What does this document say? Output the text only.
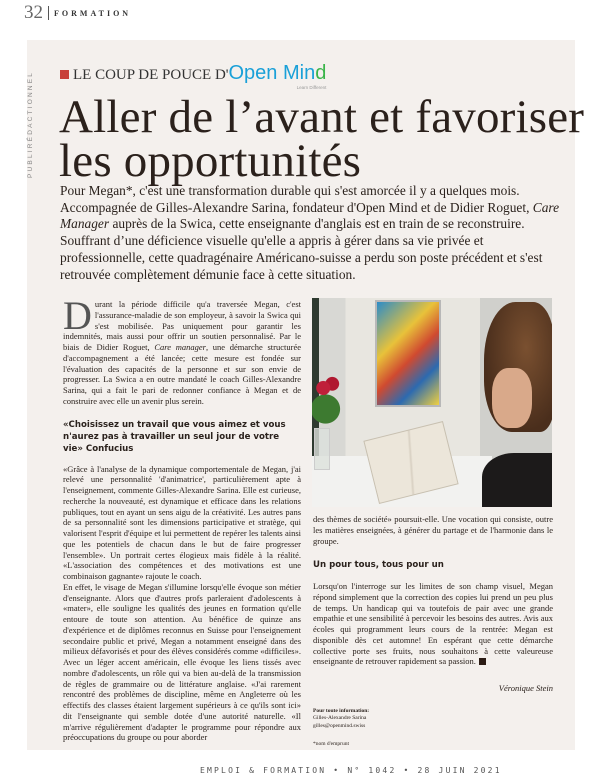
32 FORMATION
PUBLIRÉDACTIONNEL	LE COUP DE POUCE D' Open Mind
Learn Different
Aller de l’avant et favoriser
les opportunités

Pour Megan*, c'est une transformation durable qui s'est amorcée il y a quelques mois. Accompagnée de Gilles-Alexandre Sarina, fondateur d'Open Mind et de Didier Roguet, Care Manager auprès de la Swica, cette enseignante d'anglais est en train de se reconstruire. Souffrant d’une déficience visuelle qu'elle a appris à gérer dans sa vie privée et professionnelle, cette quadragénaire Américano-suisse a perdu son poste précédent et s'est retrouvée complètement démunie face à cette situation.

Durant la période difficile qu'a traversée Megan, c'est l'assurance-maladie de son employeur, à savoir la Swica qui s'est mobilisée. Pas uniquement pour garantir les indemnités, mais aussi pour offrir un soutien personnalisé. Par le biais de Didier Roguet, Care manager, une démarche structurée d'accompagnement a été lancée; cette mesure est fondée sur l'évaluation des capacités de la personne et sur son envie de progresser. La Swica a en outre mandaté le coach Gilles-Alexandre Sarina, qui a fait le pari de redonner confiance à Megan et de construire avec elle un avenir plus serein.

«Choisissez un travail que vous aimez et vous n'aurez pas à travailler un seul jour de votre vie» Confucius

«Grâce à l'analyse de la dynamique comportementale de Megan, j'ai relevé une personnalité 'd'animatrice', particulièrement apte à l'enseignement, commente Gilles-Alexandre Sarina. Elle est curieuse, recherche la nouveauté, est dynamique et efficace dans les relations publiques, tout en ayant un sens aigu de la créativité. Les autres pans de sa personnalité sont les dimensions participative et stratège, qui valorisent l'esprit d'équipe et lui permettent de repérer les talents ainsi que les potentiels de chacun dans le but de faire progresser l'ensemble». Un portrait certes élogieux mais fidèle à la réalité. «L'association des compétences et des motivations est une combinaison gagnante» rajoute le coach.

En effet, le visage de Megan s'illumine lorsqu'elle évoque son métier d'enseignante. Alors que d'autres profs parleraient d'adolescents à «mater», elle souligne les qualités des jeunes en formation qu'elle entoure de toute son attention. Au bénéfice de quinze ans d'expérience et de diplômes reconnus en Suisse pour l'enseignement secondaire public et privé, Megan a notamment enseigné dans des milieux défavorisés et pour des élèves considérés comme «difficiles». Avec un léger accent américain, elle évoque les liens tissés avec nombre d'adolescents, un rôle qui va bien au-delà de la transmission de règles de grammaire ou de littérature anglaise. «J'ai rarement rencontré des problèmes de discipline, même en Angleterre où les effectifs des classes étaient largement supérieurs à ce qu'ils sont ici» dit l'enseignante qui semble dotée d'une autorité naturelle. «Il m'arrive régulièrement d'adapter le programme pour répondre aux préoccupations du groupe ou pour aborder

des thèmes de société» poursuit-elle. Une vocation qui consiste, outre les matières enseignées, à générer du partage et de l'harmonie dans le groupe.

Un pour tous, tous pour un

Lorsqu'on l'interroge sur les limites de son champ visuel, Megan répond simplement que la correction des copies lui prend un peu plus de temps. Un handicap qui va toutefois de pair avec une grande empathie et une sensibilité à percevoir les besoins des autres. Avis aux écoles qui programment leurs cours de la rentrée: Megan est disponible dès cet automne! En espérant que cette démarche collective porte ses fruits, nous souhaitons à cette valeureuse enseignante de retrouver rapidement sa passion.

Véronique Stein

Pour toute information:
Gilles-Alexandre Sarina
gilles@openmind.swiss

*nom d'emprunt

EMPLOI & FORMATION • N° 1042 • 28 JUIN 2021
